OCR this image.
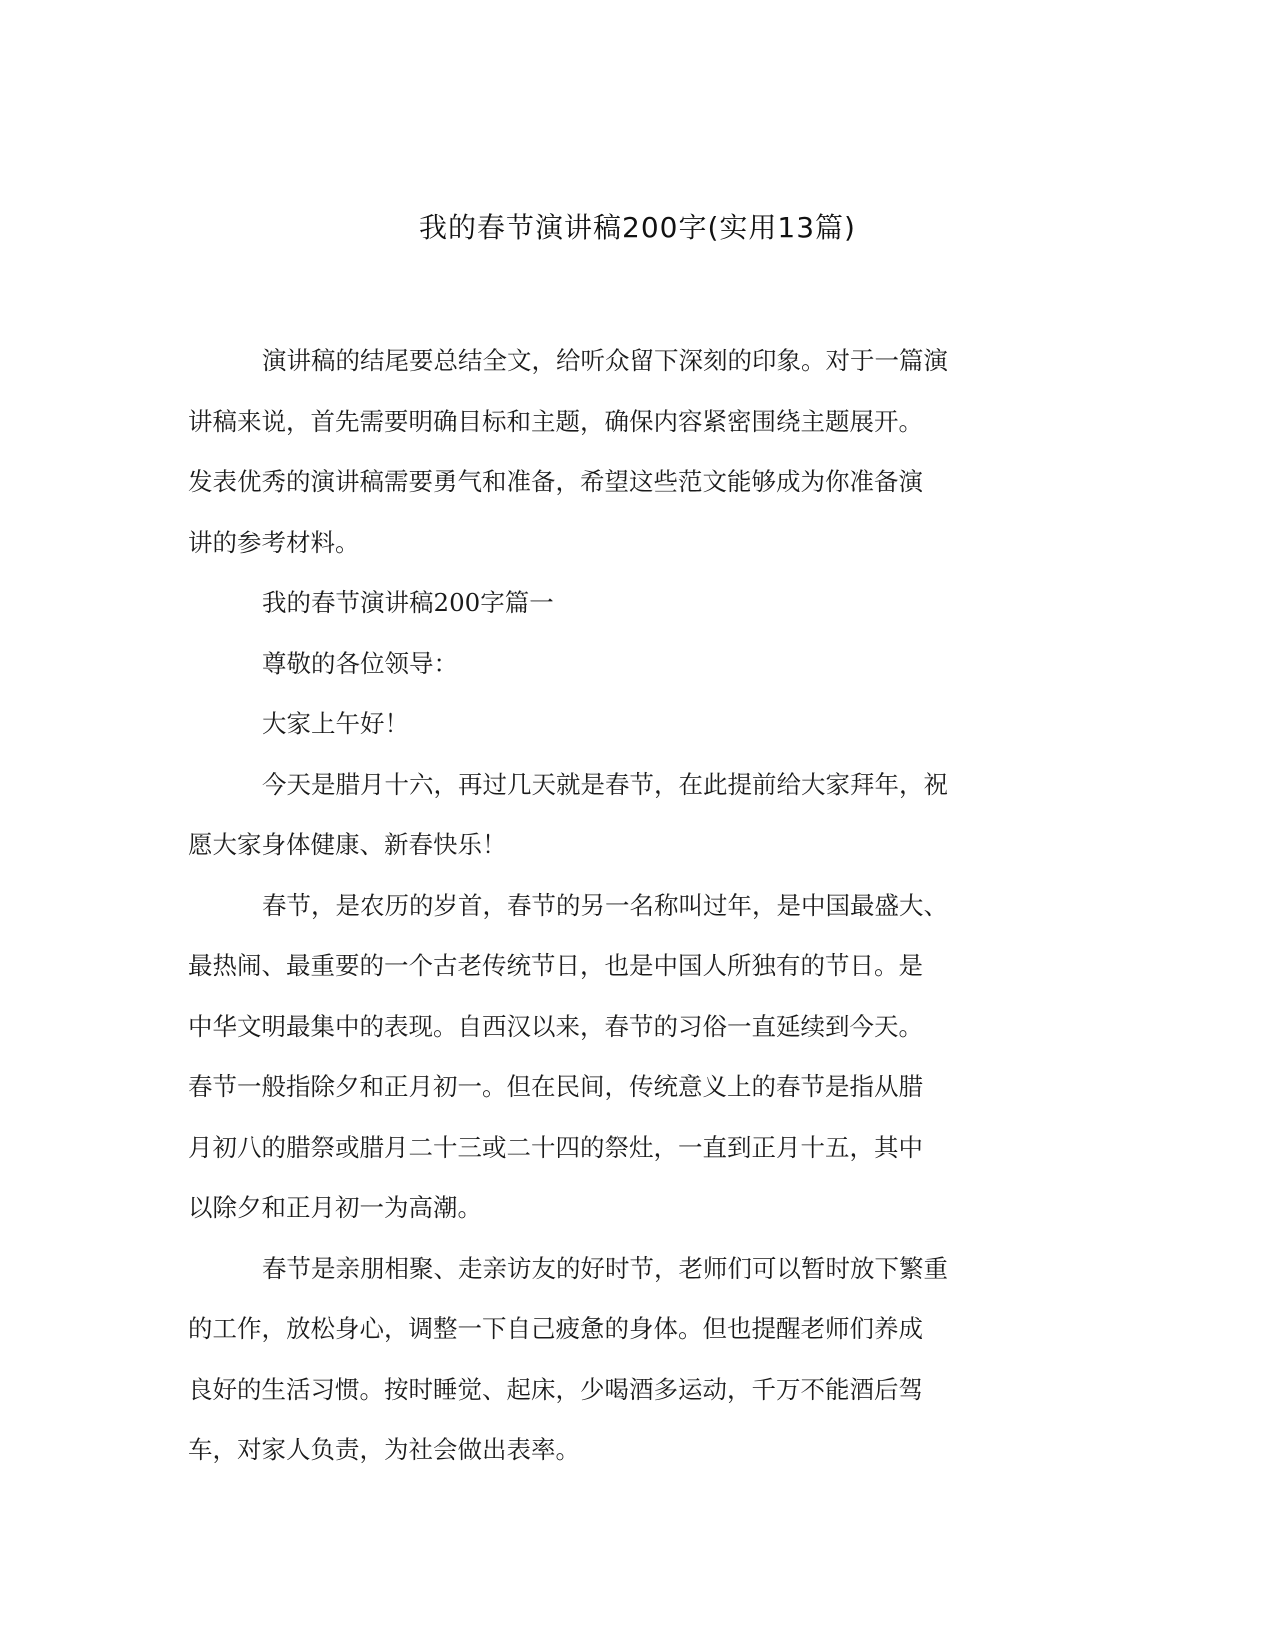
我的春节演讲稿200字(实用13篇)

演讲稿的结尾要总结全文，给听众留下深刻的印象。对于一篇演
讲稿来说，首先需要明确目标和主题，确保内容紧密围绕主题展开。
发表优秀的演讲稿需要勇气和准备，希望这些范文能够成为你准备演
讲的参考材料。

我的春节演讲稿200字篇一

尊敬的各位领导：

大家上午好！

今天是腊月十六，再过几天就是春节，在此提前给大家拜年，祝
愿大家身体健康、新春快乐！

春节，是农历的岁首，春节的另一名称叫过年，是中国最盛大、
最热闹、最重要的一个古老传统节日，也是中国人所独有的节日。是
中华文明最集中的表现。自西汉以来，春节的习俗一直延续到今天。
春节一般指除夕和正月初一。但在民间，传统意义上的春节是指从腊
月初八的腊祭或腊月二十三或二十四的祭灶，一直到正月十五，其中
以除夕和正月初一为高潮。

春节是亲朋相聚、走亲访友的好时节，老师们可以暂时放下繁重
的工作，放松身心，调整一下自己疲惫的身体。但也提醒老师们养成
良好的生活习惯。按时睡觉、起床，少喝酒多运动，千万不能酒后驾
车，对家人负责，为社会做出表率。
